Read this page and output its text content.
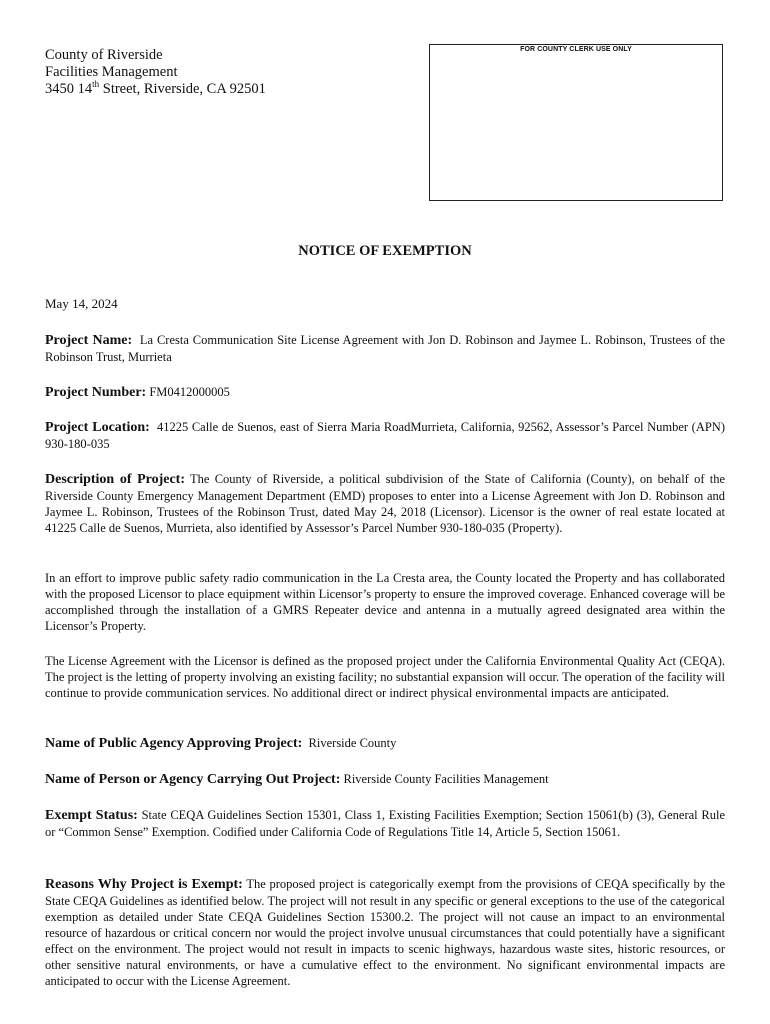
County of Riverside
Facilities Management
3450 14th Street, Riverside, CA 92501
FOR COUNTY CLERK USE ONLY
NOTICE OF EXEMPTION
May 14, 2024
Project Name: La Cresta Communication Site License Agreement with Jon D. Robinson and Jaymee L. Robinson, Trustees of the Robinson Trust, Murrieta
Project Number: FM0412000005
Project Location: 41225 Calle de Suenos, east of Sierra Maria RoadMurrieta, California, 92562, Assessor’s Parcel Number (APN) 930-180-035
Description of Project: The County of Riverside, a political subdivision of the State of California (County), on behalf of the Riverside County Emergency Management Department (EMD) proposes to enter into a License Agreement with Jon D. Robinson and Jaymee L. Robinson, Trustees of the Robinson Trust, dated May 24, 2018 (Licensor). Licensor is the owner of real estate located at 41225 Calle de Suenos, Murrieta, also identified by Assessor’s Parcel Number 930-180-035 (Property).
In an effort to improve public safety radio communication in the La Cresta area, the County located the Property and has collaborated with the proposed Licensor to place equipment within Licensor’s property to ensure the improved coverage. Enhanced coverage will be accomplished through the installation of a GMRS Repeater device and antenna in a mutually agreed designated area within the Licensor’s Property.
The License Agreement with the Licensor is defined as the proposed project under the California Environmental Quality Act (CEQA). The project is the letting of property involving an existing facility; no substantial expansion will occur. The operation of the facility will continue to provide communication services. No additional direct or indirect physical environmental impacts are anticipated.
Name of Public Agency Approving Project: Riverside County
Name of Person or Agency Carrying Out Project: Riverside County Facilities Management
Exempt Status: State CEQA Guidelines Section 15301, Class 1, Existing Facilities Exemption; Section 15061(b) (3), General Rule or “Common Sense” Exemption. Codified under California Code of Regulations Title 14, Article 5, Section 15061.
Reasons Why Project is Exempt: The proposed project is categorically exempt from the provisions of CEQA specifically by the State CEQA Guidelines as identified below. The project will not result in any specific or general exceptions to the use of the categorical exemption as detailed under State CEQA Guidelines Section 15300.2. The project will not cause an impact to an environmental resource of hazardous or critical concern nor would the project involve unusual circumstances that could potentially have a significant effect on the environment. The project would not result in impacts to scenic highways, hazardous waste sites, historic resources, or other sensitive natural environments, or have a cumulative effect to the environment. No significant environmental impacts are anticipated to occur with the License Agreement.
